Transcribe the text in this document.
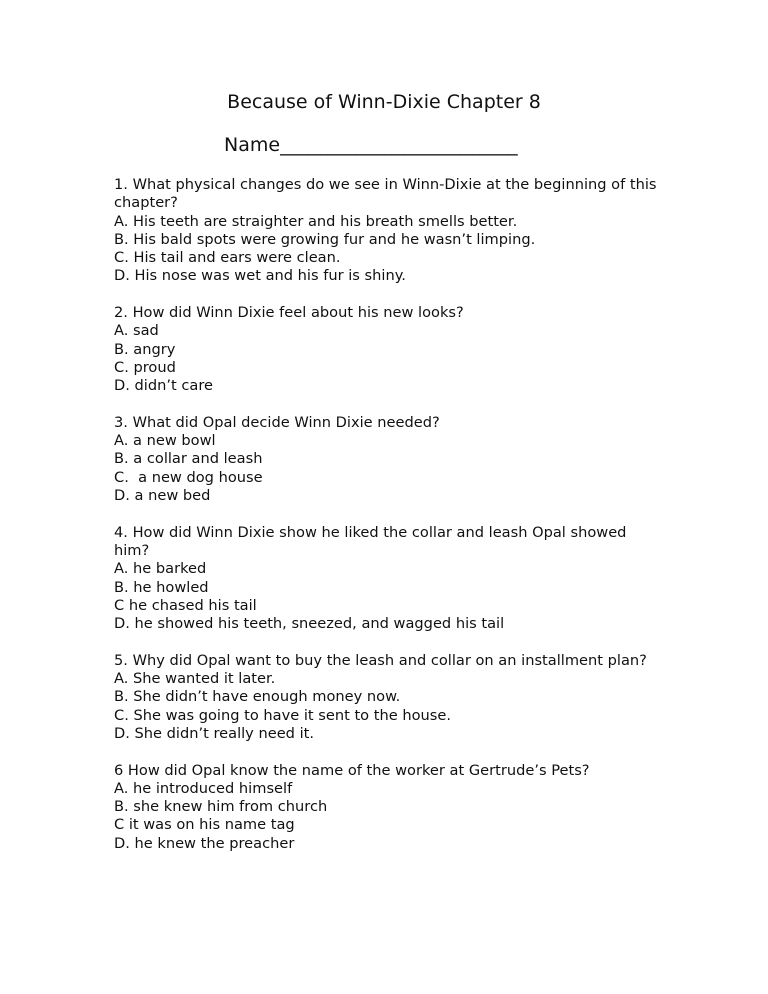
Because of Winn-Dixie Chapter 8
Name_________________________

1. What physical changes do we see in Winn-Dixie at the beginning of this chapter?

A. His teeth are straighter and his breath smells better.

B. His bald spots were growing fur and he wasn’t limping.

C. His tail and ears were clean.

D. His nose was wet and his fur is shiny.

2. How did Winn Dixie feel about his new looks?

A. sad

B. angry

C. proud

D. didn’t care

3. What did Opal decide Winn Dixie needed?

A. a new bowl

B. a collar and leash

C.  a new dog house

D. a new bed

4. How did Winn Dixie show he liked the collar and leash Opal showed him?

A. he barked

B. he howled

C he chased his tail

D. he showed his teeth, sneezed, and wagged his tail

5. Why did Opal want to buy the leash and collar on an installment plan?

A. She wanted it later.

B. She didn’t have enough money now.

C. She was going to have it sent to the house.

D. She didn’t really need it.

6 How did Opal know the name of the worker at Gertrude’s Pets?

A. he introduced himself

B. she knew him from church

C it was on his name tag

D. he knew the preacher
